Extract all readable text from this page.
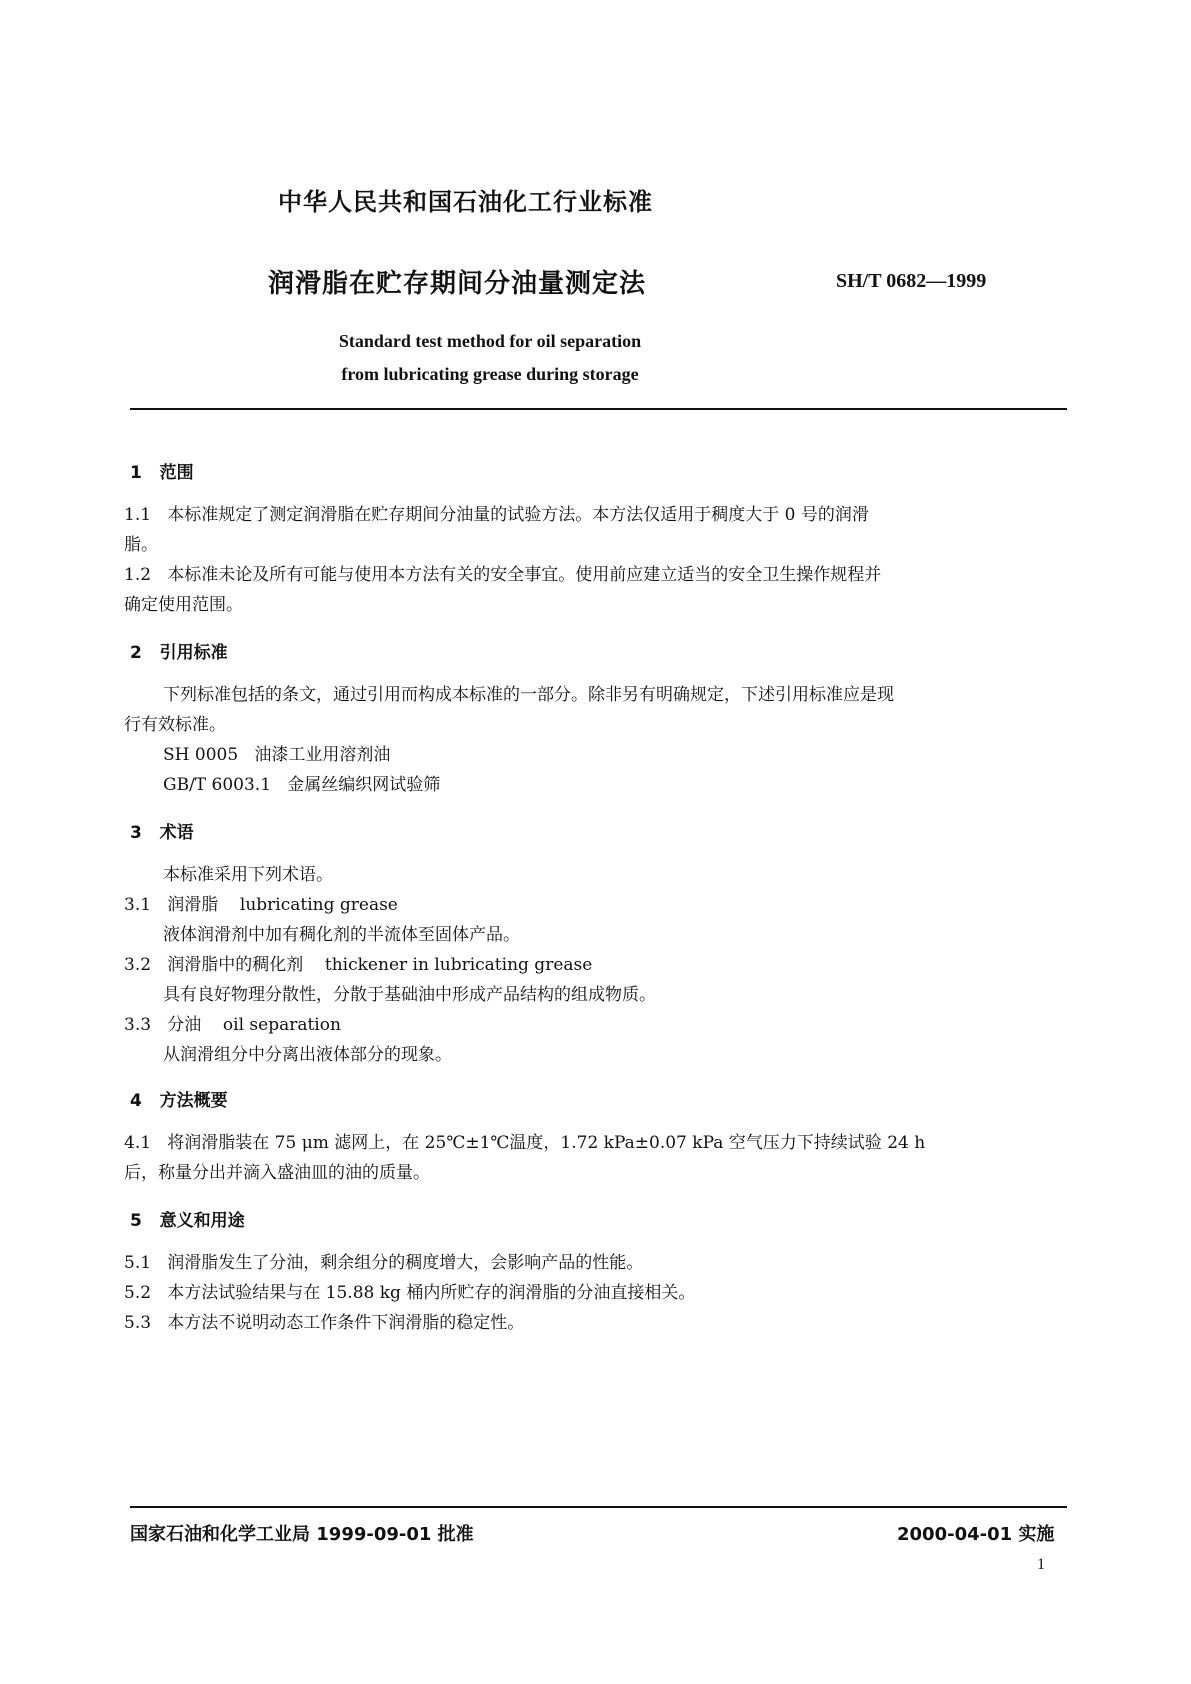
中华人民共和国石油化工行业标准
润滑脂在贮存期间分油量测定法	SH/T 0682—1999
Standard test method for oil separation
from lubricating grease during storage
1 范围
1.1 本标准规定了测定润滑脂在贮存期间分油量的试验方法。本方法仅适用于稠度大于 0 号的润滑
脂。
1.2 本标准未论及所有可能与使用本方法有关的安全事宜。使用前应建立适当的安全卫生操作规程并
确定使用范围。
2 引用标准
下列标准包括的条文，通过引用而构成本标准的一部分。除非另有明确规定，下述引用标准应是现
行有效标准。
SH 0005 油漆工业用溶剂油
GB/T 6003.1 金属丝编织网试验筛
3 术语
本标准采用下列术语。
3.1 润滑脂 lubricating grease
液体润滑剂中加有稠化剂的半流体至固体产品。
3.2 润滑脂中的稠化剂 thickener in lubricating grease
具有良好物理分散性，分散于基础油中形成产品结构的组成物质。
3.3 分油 oil separation
从润滑组分中分离出液体部分的现象。
4 方法概要
4.1 将润滑脂装在 75 μm 滤网上，在 25℃±1℃温度，1.72 kPa±0.07 kPa 空气压力下持续试验 24 h
后，称量分出并滴入盛油皿的油的质量。
5 意义和用途
5.1 润滑脂发生了分油，剩余组分的稠度增大，会影响产品的性能。
5.2 本方法试验结果与在 15.88 kg 桶内所贮存的润滑脂的分油直接相关。
5.3 本方法不说明动态工作条件下润滑脂的稳定性。
国家石油和化学工业局 1999-09-01 批准	2000-04-01 实施
1
